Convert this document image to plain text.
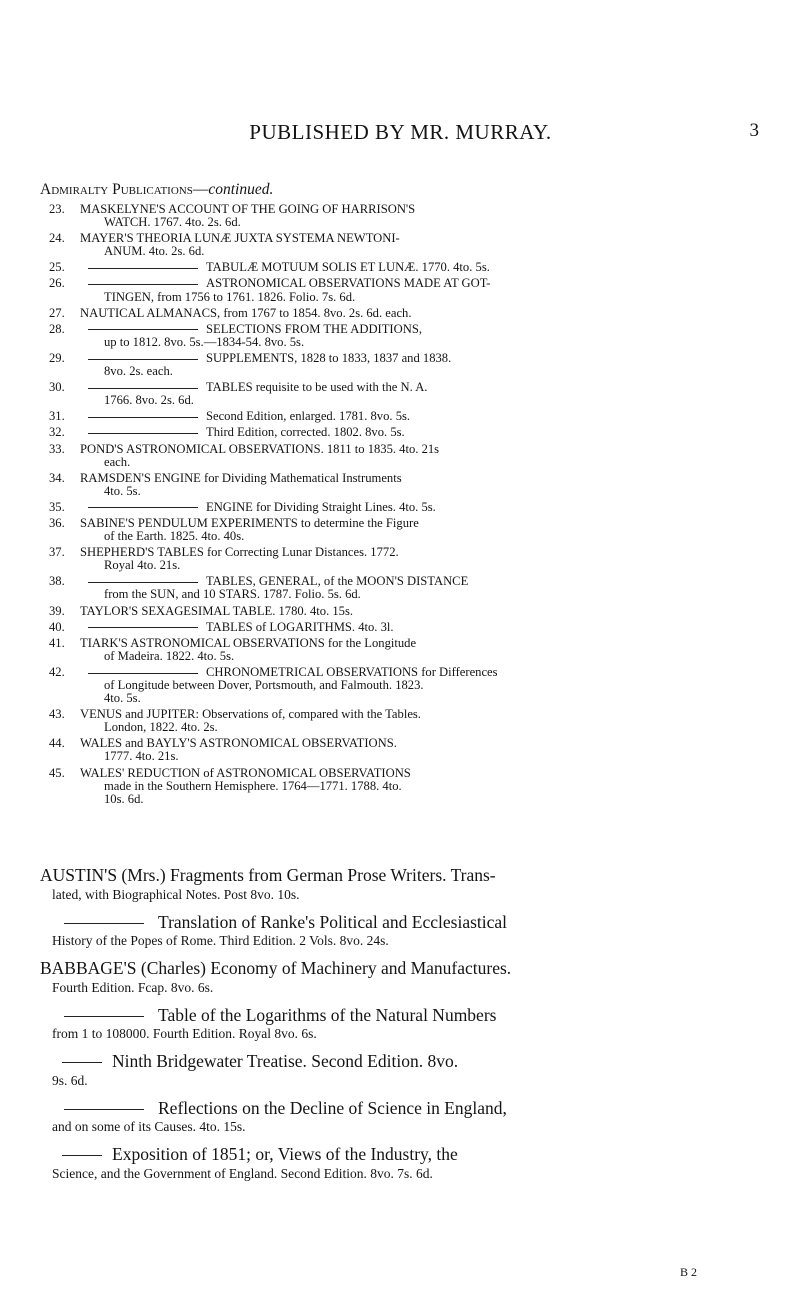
PUBLISHED BY MR. MURRAY.	3
Admiralty Publications—continued.
23.	MASKELYNE'S ACCOUNT OF THE GOING OF HARRISON'S
WATCH. 1767. 4to. 2s. 6d.
24.	MAYER'S THEORIA LUNÆ JUXTA SYSTEMA NEWTONI-
ANUM. 4to. 2s. 6d.
25.	TABULÆ MOTUUM SOLIS ET LUNÆ. 1770. 4to. 5s.
26.	ASTRONOMICAL OBSERVATIONS MADE AT GOT-
TINGEN, from 1756 to 1761. 1826. Folio. 7s. 6d.
27.	NAUTICAL ALMANACS, from 1767 to 1854. 8vo. 2s. 6d. each.
28.	SELECTIONS FROM THE ADDITIONS,
up to 1812. 8vo. 5s.—1834-54. 8vo. 5s.
29.	SUPPLEMENTS, 1828 to 1833, 1837 and 1838.
8vo. 2s. each.
30.	TABLES requisite to be used with the N. A.
1766. 8vo. 2s. 6d.
31.	Second Edition, enlarged. 1781. 8vo. 5s.
32.	Third Edition, corrected. 1802. 8vo. 5s.
33.	POND'S ASTRONOMICAL OBSERVATIONS. 1811 to 1835. 4to. 21s
each.
34.	RAMSDEN'S ENGINE for Dividing Mathematical Instruments
4to. 5s.
35.	ENGINE for Dividing Straight Lines. 4to. 5s.
36.	SABINE'S PENDULUM EXPERIMENTS to determine the Figure
of the Earth. 1825. 4to. 40s.
37.	SHEPHERD'S TABLES for Correcting Lunar Distances. 1772.
Royal 4to. 21s.
38.	TABLES, GENERAL, of the MOON'S DISTANCE
from the SUN, and 10 STARS. 1787. Folio. 5s. 6d.
39.	TAYLOR'S SEXAGESIMAL TABLE. 1780. 4to. 15s.
40.	TABLES of LOGARITHMS. 4to. 3l.
41.	TIARK'S ASTRONOMICAL OBSERVATIONS for the Longitude
of Madeira. 1822. 4to. 5s.
42.	CHRONOMETRICAL OBSERVATIONS for Differences
of Longitude between Dover, Portsmouth, and Falmouth. 1823.
4to. 5s.
43.	VENUS and JUPITER: Observations of, compared with the Tables.
London, 1822. 4to. 2s.
44.	WALES and BAYLY'S ASTRONOMICAL OBSERVATIONS.
1777. 4to. 21s.
45.	WALES' REDUCTION of ASTRONOMICAL OBSERVATIONS
made in the Southern Hemisphere. 1764—1771. 1788. 4to.
10s. 6d.
AUSTIN'S (Mrs.) Fragments from German Prose Writers. Trans-
lated, with Biographical Notes. Post 8vo. 10s.
Translation of Ranke's Political and Ecclesiastical
History of the Popes of Rome. Third Edition. 2 Vols. 8vo. 24s.
BABBAGE'S (Charles) Economy of Machinery and Manufactures.
Fourth Edition. Fcap. 8vo. 6s.
Table of the Logarithms of the Natural Numbers
from 1 to 108000. Fourth Edition. Royal 8vo. 6s.
Ninth Bridgewater Treatise. Second Edition. 8vo.
9s. 6d.
Reflections on the Decline of Science in England,
and on some of its Causes. 4to. 15s.
Exposition of 1851; or, Views of the Industry, the
Science, and the Government of England. Second Edition. 8vo. 7s. 6d.
B 2
